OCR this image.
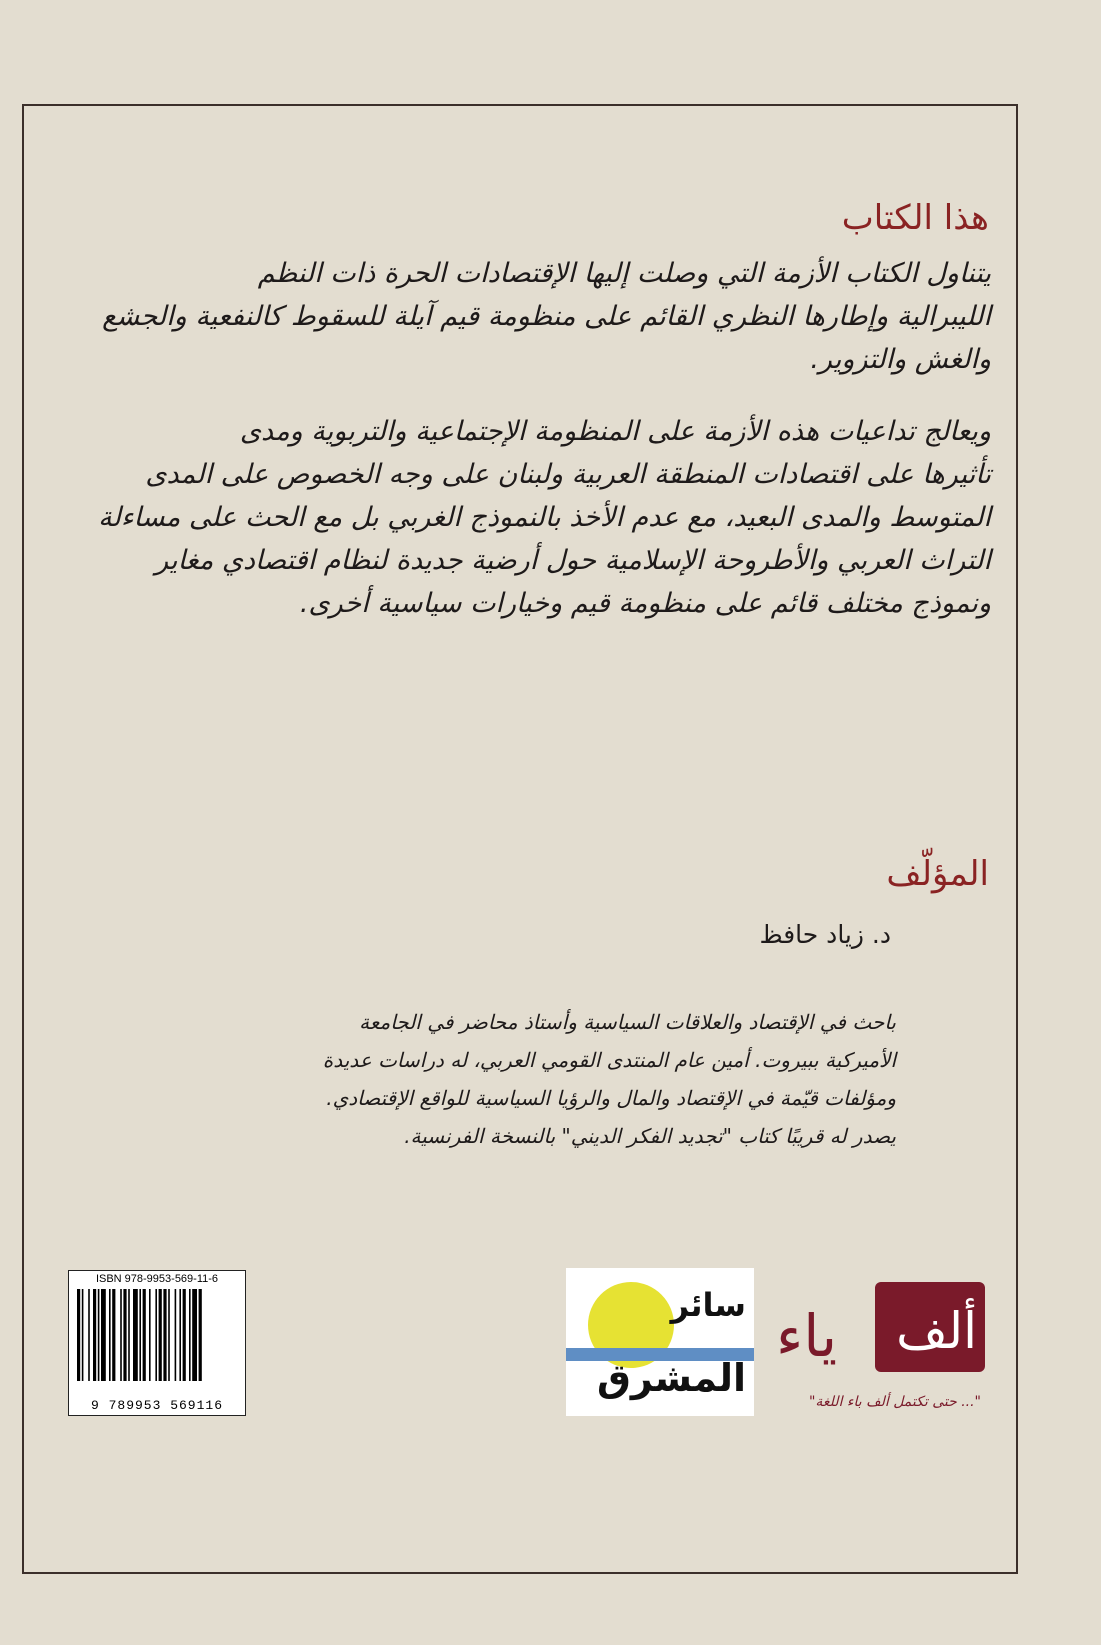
هذا الكتاب

يتناول الكتاب الأزمة التي وصلت إليها الإقتصادات الحرة ذات النظم
الليبرالية وإطارها النظري القائم على منظومة قيم آيلة للسقوط كالنفعية والجشع
والغش والتزوير.

ويعالج تداعيات هذه الأزمة على المنظومة الإجتماعية والتربوية ومدى
تأثيرها على اقتصادات المنطقة العربية ولبنان على وجه الخصوص على المدى
المتوسط والمدى البعيد، مع عدم الأخذ بالنموذج الغربي بل مع الحث على مساءلة
التراث العربي والأطروحة الإسلامية حول أرضية جديدة لنظام اقتصادي مغاير
ونموذج مختلف قائم على منظومة قيم وخيارات سياسية أخرى.

المؤلّف

د. زياد حافظ

باحث في الإقتصاد والعلاقات السياسية وأستاذ محاضر في الجامعة
الأميركية ببيروت. أمين عام المنتدى القومي العربي، له دراسات عديدة
ومؤلفات قيّمة في الإقتصاد والمال والرؤيا السياسية للواقع الإقتصادي.
يصدر له قريبًا كتاب "تجديد الفكر الديني" بالنسخة الفرنسية.

ISBN 978-9953-569-11-6
9 789953 569116
سائر
المشرق
ألف
ياء
"... حتى تكتمل ألف باء اللغة"
